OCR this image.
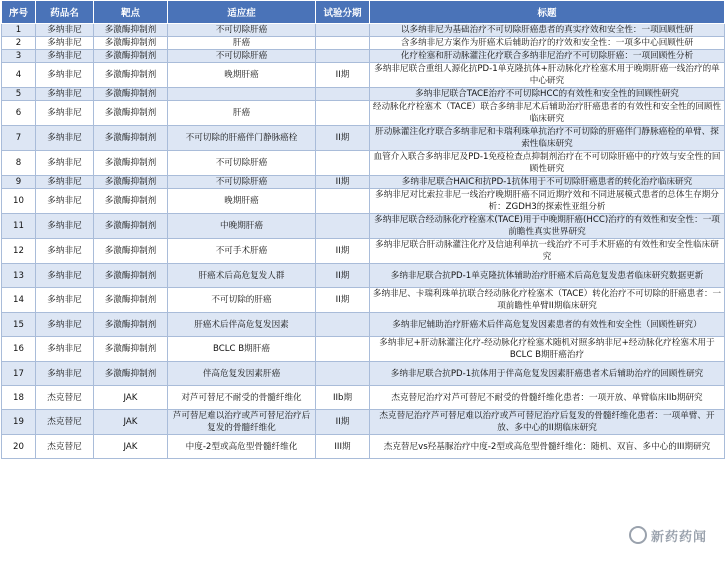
序号	药品名	靶点	适应症	试验分期	标题
1	多纳非尼	多激酶抑制剂	不可切除肝癌		以多纳非尼为基础治疗不可切除肝癌患者的真实疗效和安全性：一项回顾性研
2	多纳非尼	多激酶抑制剂	肝癌		含多纳非尼方案作为肝癌术后辅助治疗的疗效和安全性：一项多中心回顾性研
3	多纳非尼	多激酶抑制剂	不可切除肝癌		化疗栓塞和肝动脉灌注化疗联合多纳非尼治疗不可切除肝癌：一项回顾性分析
4	多纳非尼	多激酶抑制剂	晚期肝癌	II期	多纳非尼联合重组人源化抗PD-1单克隆抗体+肝动脉化疗栓塞术用于晚期肝癌一线治疗的单中心研究
5	多纳非尼	多激酶抑制剂			多纳非尼联合TACE治疗不可切除HCC的有效性和安全性的回顾性研究
6	多纳非尼	多激酶抑制剂	肝癌		经动脉化疗栓塞术（TACE）联合多纳非尼术后辅助治疗肝癌患者的有效性和安全性的回顾性临床研究
7	多纳非尼	多激酶抑制剂	不可切除的肝癌伴门静脉癌栓	II期	肝动脉灌注化疗联合多纳非尼和卡瑞利珠单抗治疗不可切除的肝癌伴门静脉癌栓的单臂、探索性临床研究
8	多纳非尼	多激酶抑制剂	不可切除肝癌		血管介入联合多纳非尼及PD-1免疫检查点抑制剂治疗在不可切除肝癌中的疗效与安全性的回顾性研究
9	多纳非尼	多激酶抑制剂	不可切除肝癌	II期	多纳非尼联合HAIC和抗PD-1抗体用于不可切除肝癌患者的转化治疗临床研究
10	多纳非尼	多激酶抑制剂	晚期肝癌		多纳非尼对比索拉非尼一线治疗晚期肝癌不同近期疗效和不同进展模式患者的总体生存期分析：ZGDH3的探索性亚组分析
11	多纳非尼	多激酶抑制剂	中晚期肝癌		多纳非尼联合经动脉化疗栓塞术(TACE)用于中晚期肝癌(HCC)治疗的有效性和安全性：一项前瞻性真实世界研究
12	多纳非尼	多激酶抑制剂	不可手术肝癌	II期	多纳非尼联合肝动脉灌注化疗及信迪利单抗一线治疗不可手术肝癌的有效性和安全性临床研究
13	多纳非尼	多激酶抑制剂	肝癌术后高危复发人群	II期	多纳非尼联合抗PD-1单克隆抗体辅助治疗肝癌术后高危复发患者临床研究数据更新
14	多纳非尼	多激酶抑制剂	不可切除的肝癌	II期	多纳非尼、卡瑞利珠单抗联合经动脉化疗栓塞术（TACE）转化治疗不可切除的肝癌患者：一项前瞻性单臂II期临床研究
15	多纳非尼	多激酶抑制剂	肝癌术后伴高危复发因素		多纳非尼辅助治疗肝癌术后伴高危复发因素患者的有效性和安全性（回顾性研究）
16	多纳非尼	多激酶抑制剂	BCLC B期肝癌		多纳非尼+肝动脉灌注化疗-经动脉化疗栓塞术随机对照多纳非尼+经动脉化疗栓塞术用于BCLC B期肝癌治疗
17	多纳非尼	多激酶抑制剂	伴高危复发因素肝癌		多纳非尼联合抗PD-1抗体用于伴高危复发因素肝癌患者术后辅助治疗的回顾性研究
18	杰克替尼	JAK	对芦可替尼不耐受的骨髓纤维化	IIb期	杰克替尼治疗对芦可替尼不耐受的骨髓纤维化患者：一项开放、单臂临床IIb期研究
19	杰克替尼	JAK	芦可替尼难以治疗或芦可替尼治疗后复发的骨髓纤维化	II期	杰克替尼治疗芦可替尼难以治疗或芦可替尼治疗后复发的骨髓纤维化患者：一项单臂、开放、多中心的II期临床研究
20	杰克替尼	JAK	中度-2型或高危型骨髓纤维化	III期	杰克替尼vs羟基脲治疗中度-2型或高危型骨髓纤维化：随机、双盲、多中心的III期研究
新药药闻
